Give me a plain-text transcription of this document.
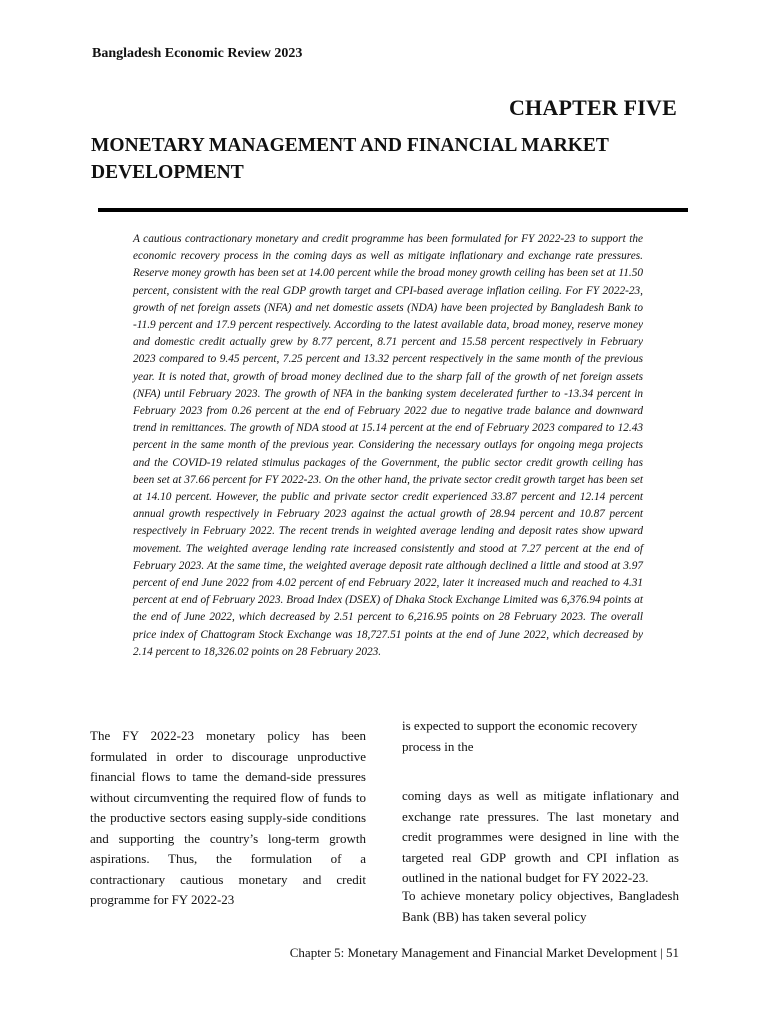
Bangladesh Economic Review 2023
CHAPTER FIVE
MONETARY MANAGEMENT AND FINANCIAL MARKET DEVELOPMENT

A cautious contractionary monetary and credit programme has been formulated for FY 2022-23 to support the economic recovery process in the coming days as well as mitigate inflationary and exchange rate pressures. Reserve money growth has been set at 14.00 percent while the broad money growth ceiling has been set at 11.50 percent, consistent with the real GDP growth target and CPI-based average inflation ceiling. For FY 2022-23, growth of net foreign assets (NFA) and net domestic assets (NDA) have been projected by Bangladesh Bank to -11.9 percent and 17.9 percent respectively. According to the latest available data, broad money, reserve money and domestic credit actually grew by 8.77 percent, 8.71 percent and 15.58 percent respectively in February 2023 compared to 9.45 percent, 7.25 percent and 13.32 percent respectively in the same month of the previous year. It is noted that, growth of broad money declined due to the sharp fall of the growth of net foreign assets (NFA) until February 2023. The growth of NFA in the banking system decelerated further to -13.34 percent in February 2023 from 0.26 percent at the end of February 2022 due to negative trade balance and downward trend in remittances. The growth of NDA stood at 15.14 percent at the end of February 2023 compared to 12.43 percent in the same month of the previous year. Considering the necessary outlays for ongoing mega projects and the COVID-19 related stimulus packages of the Government, the public sector credit growth ceiling has been set at 37.66 percent for FY 2022-23. On the other hand, the private sector credit growth target has been set at 14.10 percent. However, the public and private sector credit experienced 33.87 percent and 12.14 percent annual growth respectively in February 2023 against the actual growth of 28.94 percent and 10.87 percent respectively in February 2022. The recent trends in weighted average lending and deposit rates show upward movement. The weighted average lending rate increased consistently and stood at 7.27 percent at the end of February 2023. At the same time, the weighted average deposit rate although declined a little and stood at 3.97 percent of end June 2022 from 4.02 percent of end February 2022, later it increased much and reached to 4.31 percent at end of February 2023. Broad Index (DSEX) of Dhaka Stock Exchange Limited was 6,376.94 points at the end of June 2022, which decreased by 2.51 percent to 6,216.95 points on 28 February 2023. The overall price index of Chattogram Stock Exchange was 18,727.51 points at the end of June 2022, which decreased by 2.14 percent to 18,326.02 points on 28 February 2023.

The FY 2022-23 monetary policy has been formulated in order to discourage unproductive financial flows to tame the demand-side pressures without circumventing the required flow of funds to the productive sectors easing supply-side conditions and supporting the country’s long-term growth aspirations. Thus, the formulation of a contractionary cautious monetary and credit programme for FY 2022-23

is expected to support the economic recovery process in the

coming days as well as mitigate inflationary and exchange rate pressures. The last monetary and credit programmes were designed in line with the targeted real GDP growth and CPI inflation as outlined in the national budget for FY 2022-23.

To achieve monetary policy objectives, Bangladesh Bank (BB) has taken several policy

Chapter 5: Monetary Management and Financial Market Development | 51
